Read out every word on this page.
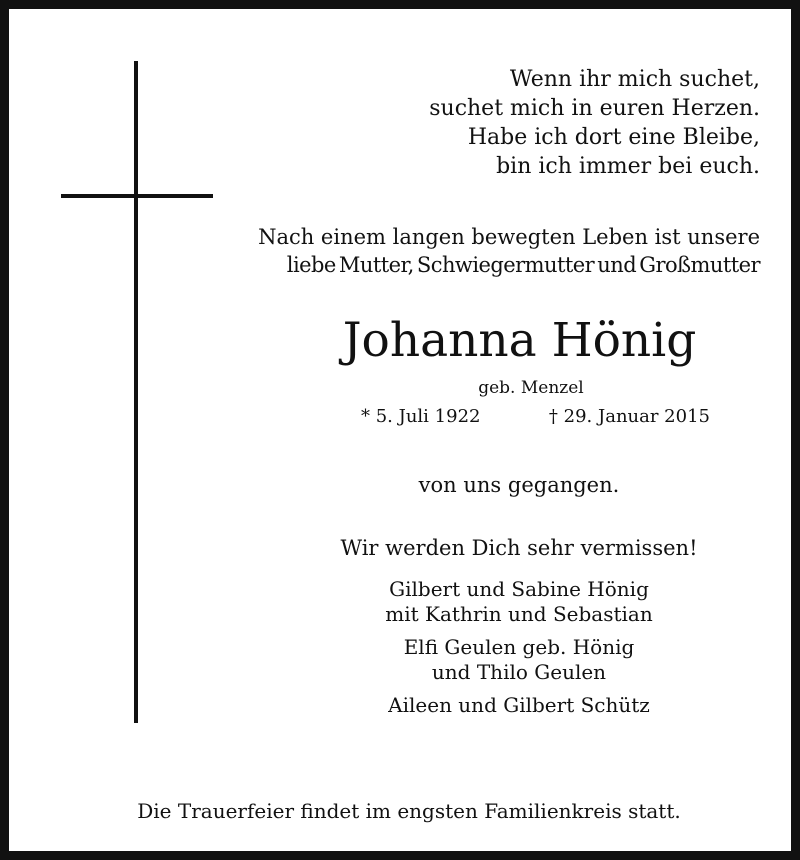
Wenn ihr mich suchet,
suchet mich in euren Herzen.
Habe ich dort eine Bleibe,
bin ich immer bei euch.
Nach einem langen bewegten Leben ist unsere
liebe Mutter, Schwiegermutter und Großmutter
Johanna Hönig
geb. Menzel
* 5. Juli 1922	† 29. Januar 2015
von uns gegangen.
Wir werden Dich sehr vermissen!
Gilbert und Sabine Hönig
mit Kathrin und Sebastian
Elfi Geulen geb. Hönig
und Thilo Geulen
Aileen und Gilbert Schütz
Die Trauerfeier findet im engsten Familienkreis statt.
